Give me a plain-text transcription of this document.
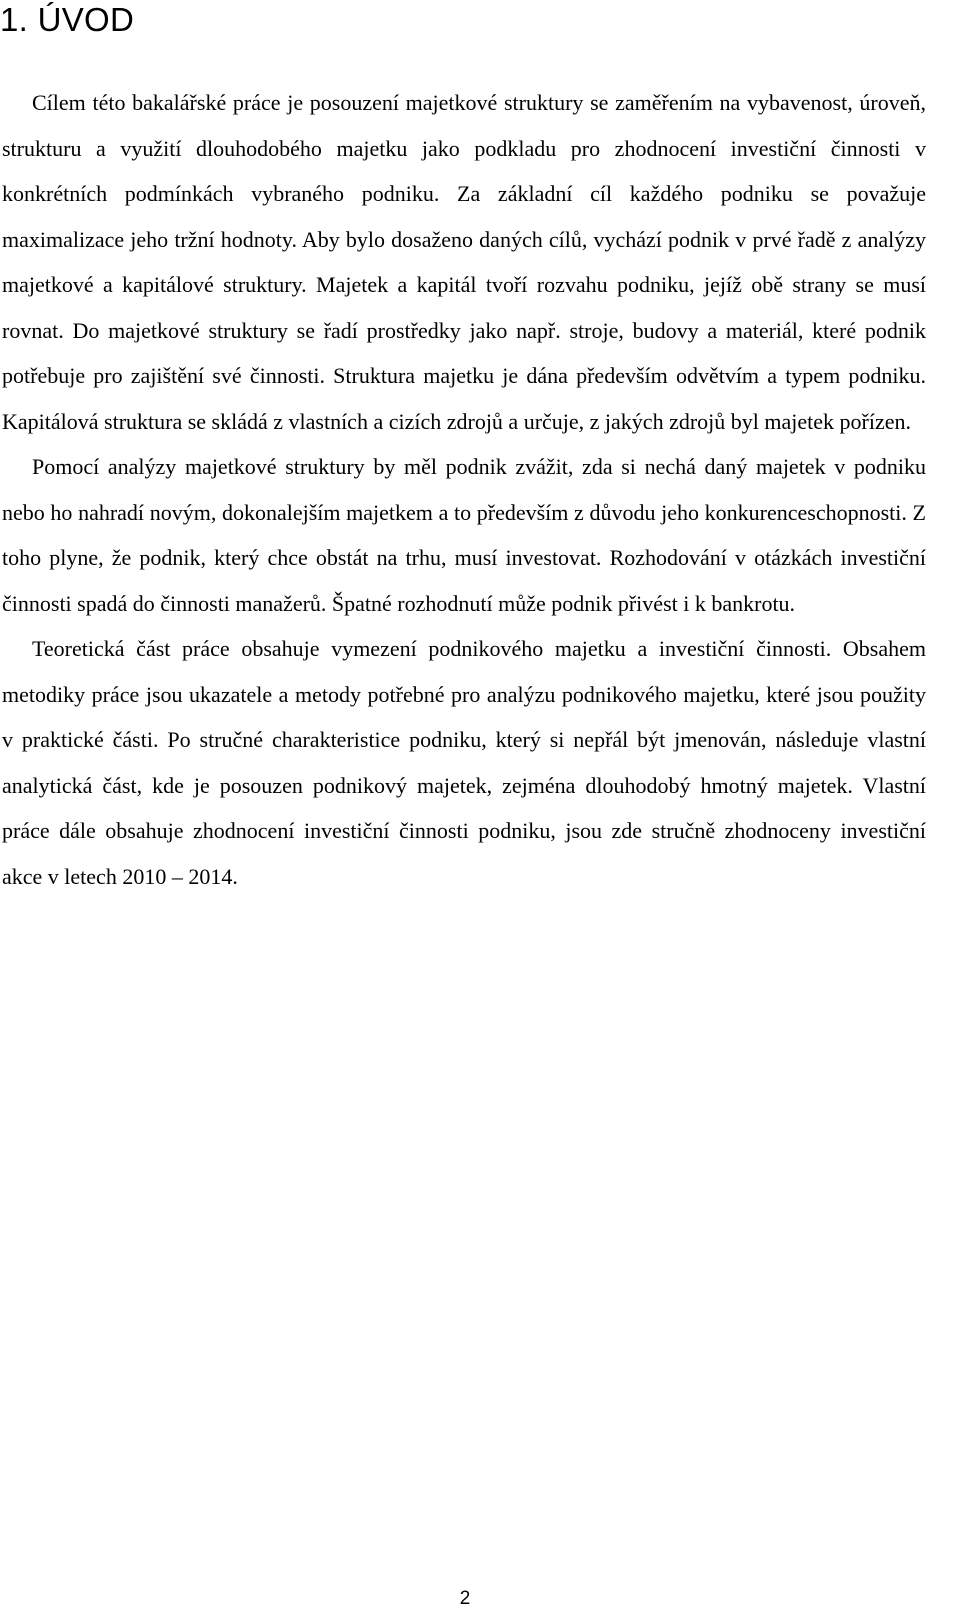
1. ÚVOD

Cílem této bakalářské práce je posouzení majetkové struktury se zaměřením na vybavenost, úroveň, strukturu a využití dlouhodobého majetku jako podkladu pro zhodnocení investiční činnosti v konkrétních podmínkách vybraného podniku. Za základní cíl každého podniku se považuje maximalizace jeho tržní hodnoty. Aby bylo dosaženo daných cílů, vychází podnik v prvé řadě z analýzy majetkové a kapitálové struktury. Majetek a kapitál tvoří rozvahu podniku, jejíž obě strany se musí rovnat. Do majetkové struktury se řadí prostředky jako např. stroje, budovy a materiál, které podnik potřebuje pro zajištění své činnosti. Struktura majetku je dána především odvětvím a typem podniku. Kapitálová struktura se skládá z vlastních a cizích zdrojů a určuje, z jakých zdrojů byl majetek pořízen.

Pomocí analýzy majetkové struktury by měl podnik zvážit, zda si nechá daný majetek v podniku nebo ho nahradí novým, dokonalejším majetkem a to především z důvodu jeho konkurenceschopnosti. Z toho plyne, že podnik, který chce obstát na trhu, musí investovat. Rozhodování v otázkách investiční činnosti spadá do činnosti manažerů. Špatné rozhodnutí může podnik přivést i k bankrotu.

Teoretická část práce obsahuje vymezení podnikového majetku a investiční činnosti. Obsahem metodiky práce jsou ukazatele a metody potřebné pro analýzu podnikového majetku, které jsou použity v praktické části. Po stručné charakteristice podniku, který si nepřál být jmenován, následuje vlastní analytická část, kde je posouzen podnikový majetek, zejména dlouhodobý hmotný majetek. Vlastní práce dále obsahuje zhodnocení investiční činnosti podniku, jsou zde stručně zhodnoceny investiční akce v letech 2010 – 2014.

2
